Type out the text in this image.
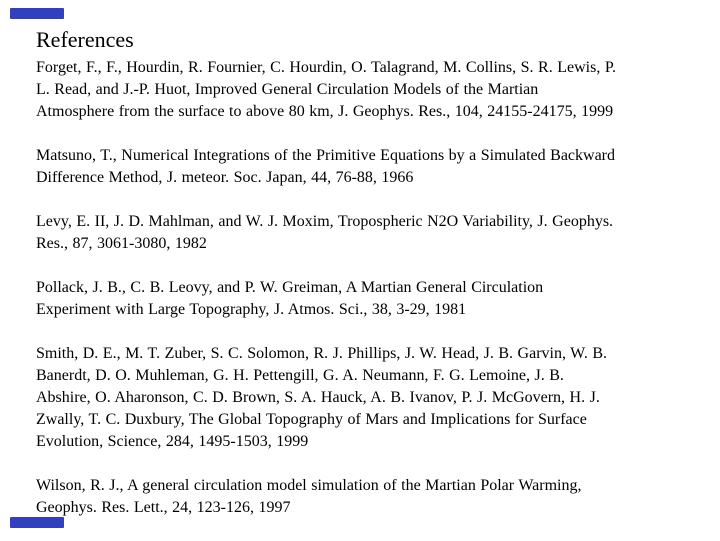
References

Forget, F., F., Hourdin, R. Fournier, C. Hourdin, O. Talagrand, M. Collins, S. R. Lewis, P.
L. Read, and J.-P. Huot, Improved General Circulation Models of the Martian
Atmosphere from the surface to above 80 km, J. Geophys. Res., 104, 24155-24175, 1999

Matsuno, T., Numerical Integrations of the Primitive Equations by a Simulated Backward
Difference Method, J. meteor. Soc. Japan, 44, 76-88, 1966

Levy, E. II, J. D. Mahlman, and W. J. Moxim, Tropospheric N2O Variability, J. Geophys.
Res., 87, 3061-3080, 1982

Pollack, J. B., C. B. Leovy, and P. W. Greiman, A Martian General Circulation
Experiment with Large Topography, J. Atmos. Sci., 38, 3-29, 1981

Smith, D. E., M. T. Zuber, S. C. Solomon, R. J. Phillips, J. W. Head, J. B. Garvin, W. B.
Banerdt, D. O. Muhleman, G. H. Pettengill, G. A. Neumann, F. G. Lemoine, J. B.
Abshire, O. Aharonson, C. D. Brown, S. A. Hauck, A. B. Ivanov, P. J. McGovern, H. J.
Zwally, T. C. Duxbury, The Global Topography of Mars and Implications for Surface
Evolution, Science, 284, 1495-1503, 1999

Wilson, R. J., A general circulation model simulation of the Martian Polar Warming,
Geophys. Res. Lett., 24, 123-126, 1997
